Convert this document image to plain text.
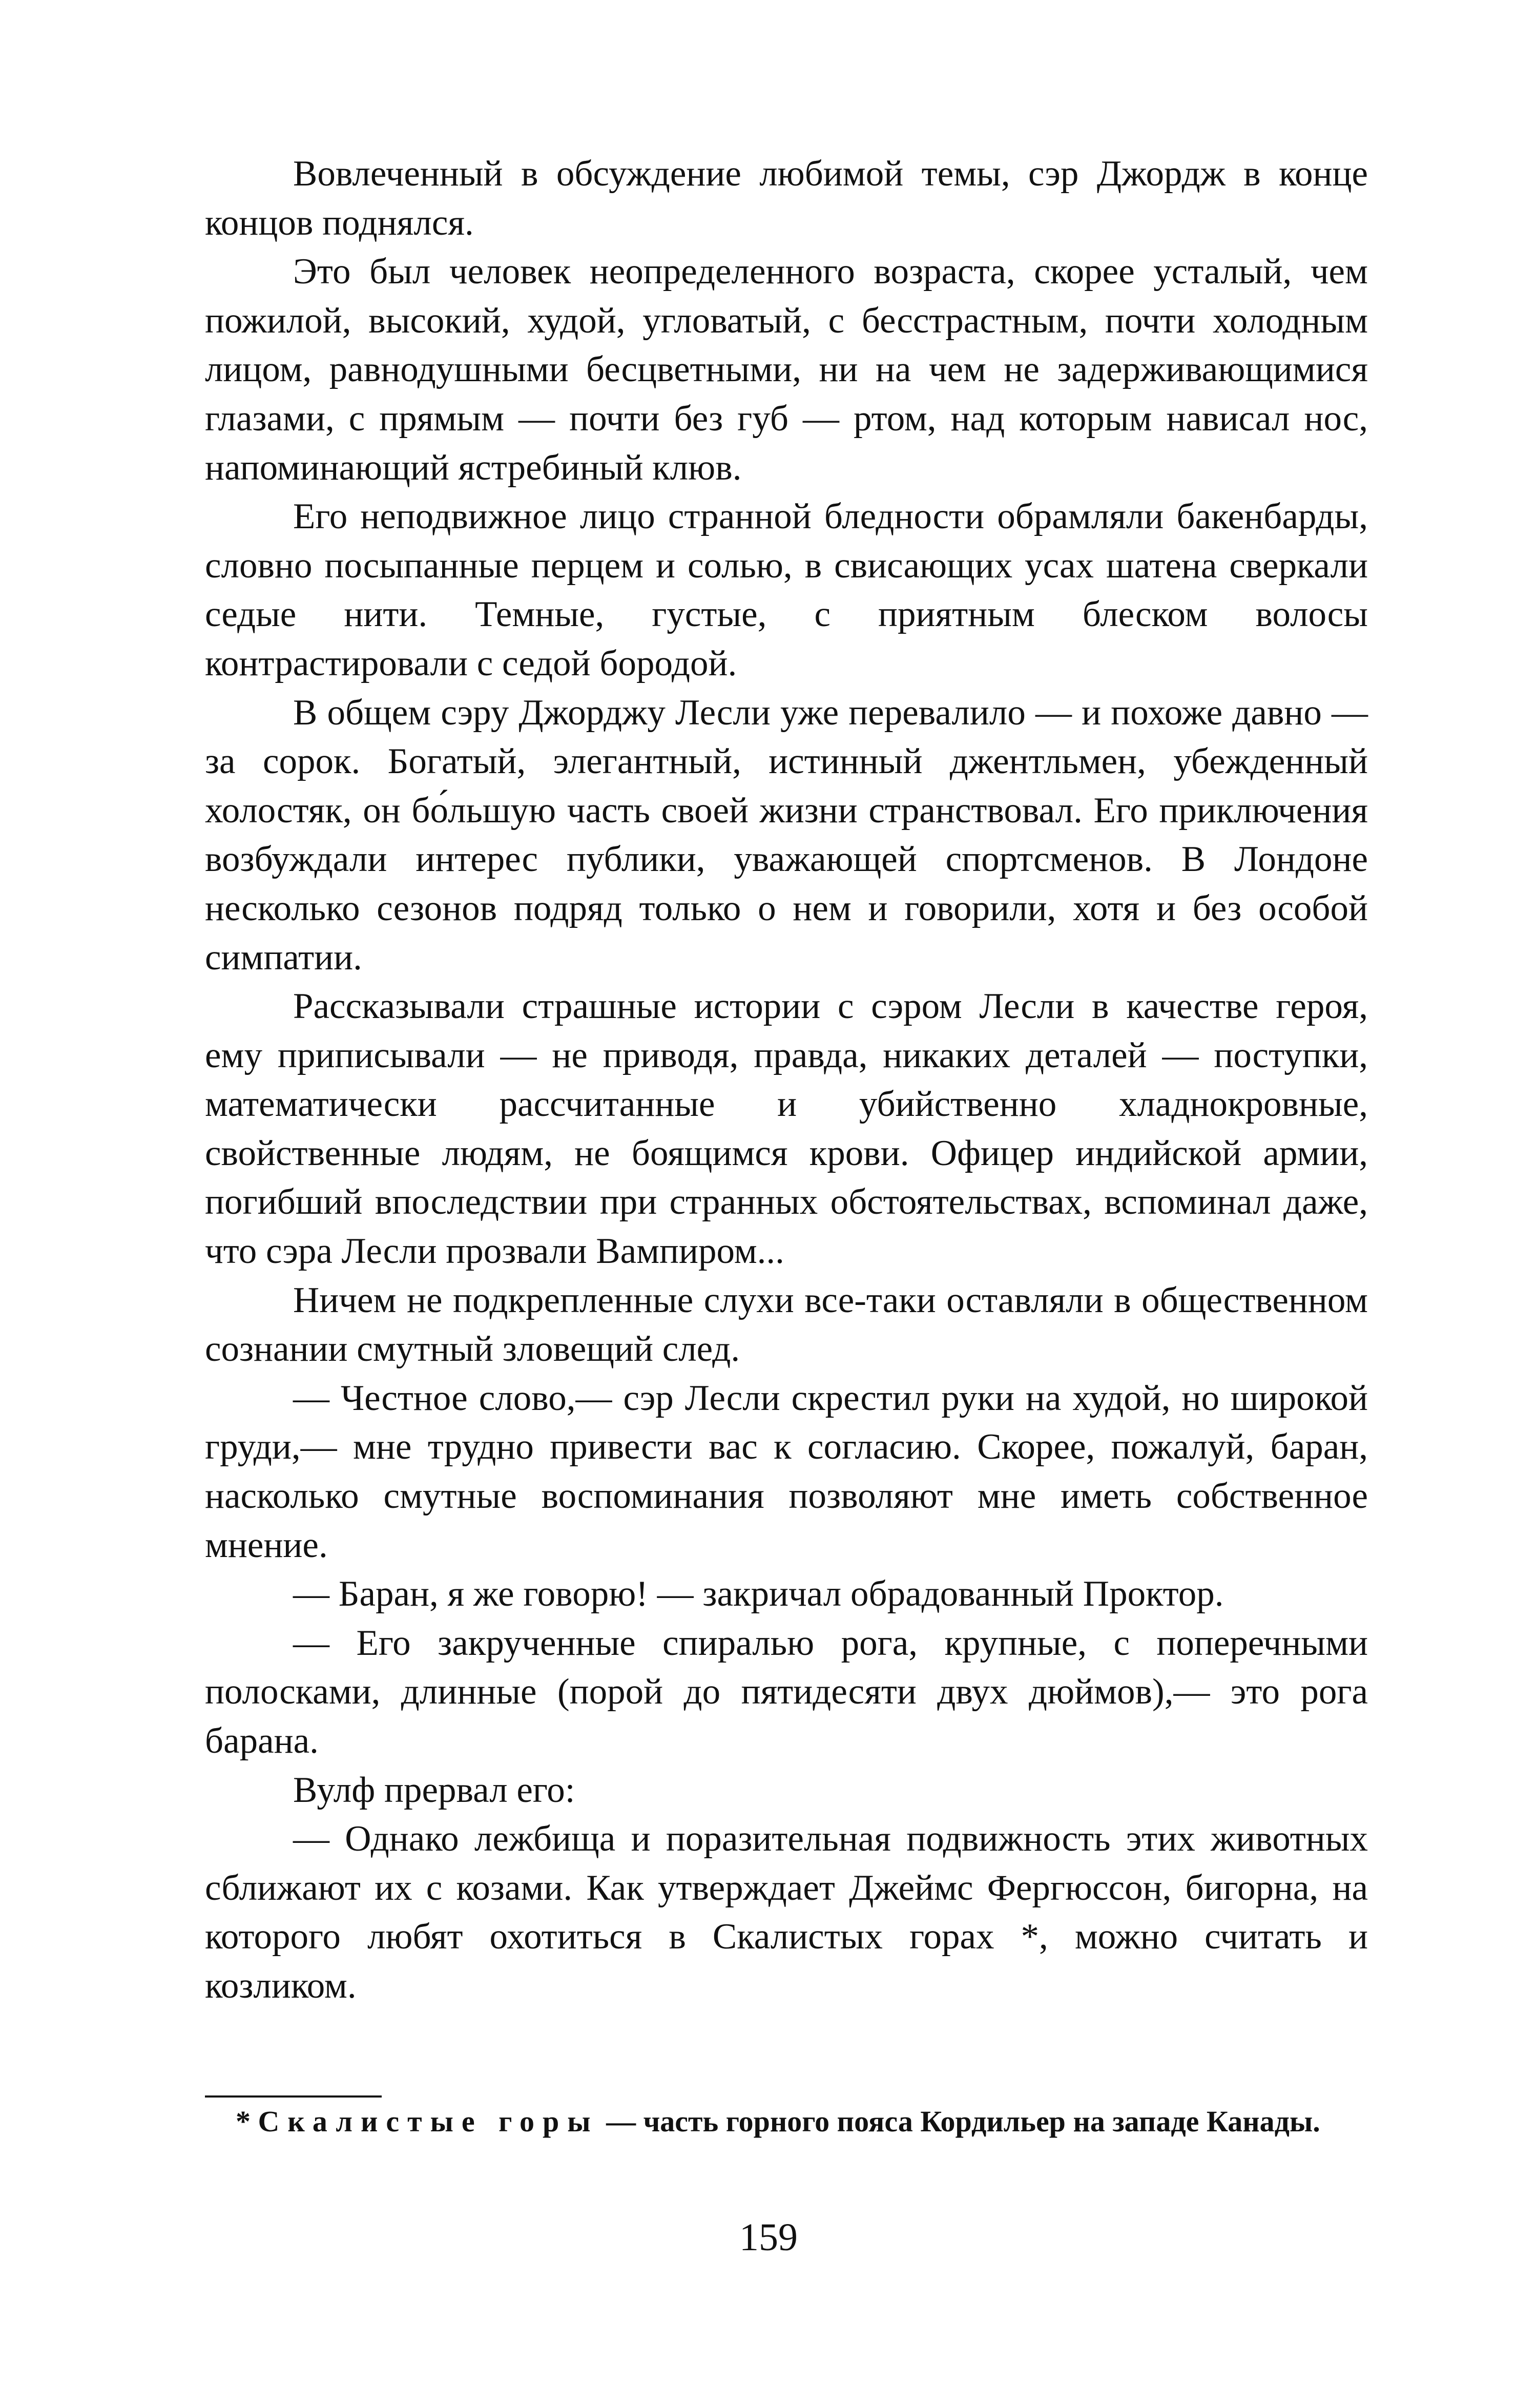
Вовлеченный в обсуждение любимой темы, сэр Джордж в конце концов поднялся.

Это был человек неопределенного возраста, скорее усталый, чем пожилой, высокий, худой, угловатый, с бесстрастным, почти холодным лицом, равнодушными бесцветными, ни на чем не задерживающимися глазами, с прямым — почти без губ — ртом, над которым нависал нос, напоминающий ястребиный клюв.

Его неподвижное лицо странной бледности обрамляли бакенбарды, словно посыпанные перцем и солью, в свисающих усах шатена сверкали седые нити. Темные, густые, с приятным блеском волосы контрастировали с седой бородой.

В общем сэру Джорджу Лесли уже перевалило — и похоже давно — за сорок. Богатый, элегантный, истинный джентльмен, убежденный холостяк, он бо́льшую часть своей жизни странствовал. Его приключения возбуждали интерес публики, уважающей спортсменов. В Лондоне несколько сезонов подряд только о нем и говорили, хотя и без особой симпатии.

Рассказывали страшные истории с сэром Лесли в качестве героя, ему приписывали — не приводя, правда, никаких деталей — поступки, математически рассчитанные и убийственно хладнокровные, свойственные людям, не боящимся крови. Офицер индийской армии, погибший впоследствии при странных обстоятельствах, вспоминал даже, что сэра Лесли прозвали Вампиром...

Ничем не подкрепленные слухи все-таки оставляли в общественном сознании смутный зловещий след.

— Честное слово,— сэр Лесли скрестил руки на худой, но широкой груди,— мне трудно привести вас к согласию. Скорее, пожалуй, баран, насколько смутные воспоминания позволяют мне иметь собственное мнение.

— Баран, я же говорю! — закричал обрадованный Проктор.

— Его закрученные спиралью рога, крупные, с поперечными полосками, длинные (порой до пятидесяти двух дюймов),— это рога барана.

Вулф прервал его:

— Однако лежбища и поразительная подвижность этих животных сближают их с козами. Как утверждает Джеймс Фергюссон, бигорна, на которого любят охотиться в Скалистых горах *, можно считать и козликом.

* Скалистые горы — часть горного пояса Кордильер на западе Канады.

159
